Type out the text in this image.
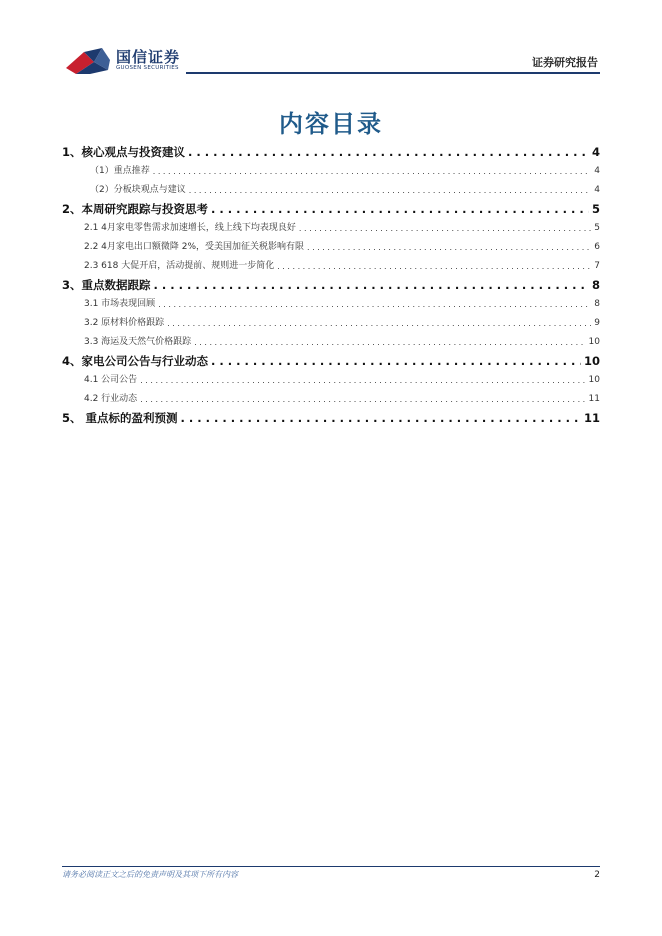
国信证券
GUOSEN SECURITIES	证券研究报告
内容目录
1、核心观点与投资建议 . . .	4
（1）重点推荐 . . .	4
（2）分板块观点与建议 . . .	4
2、本周研究跟踪与投资思考 . . .	5
2.1 4月家电零售需求加速增长，线上线下均表现良好 . . .	5
2.2 4月家电出口额微降 2%，受美国加征关税影响有限 . . .	6
2.3 618 大促开启，活动提前、规则进一步简化 . . .	7
3、重点数据跟踪 . . .	8
3.1 市场表现回顾 . . .	8
3.2 原材料价格跟踪 . . .	9
3.3 海运及天然气价格跟踪 . . .	10
4、家电公司公告与行业动态 . . .	10
4.1 公司公告 . . .	10
4.2 行业动态 . . .	11
5、 重点标的盈利预测 . . .	11
请务必阅读正文之后的免责声明及其项下所有内容	2
